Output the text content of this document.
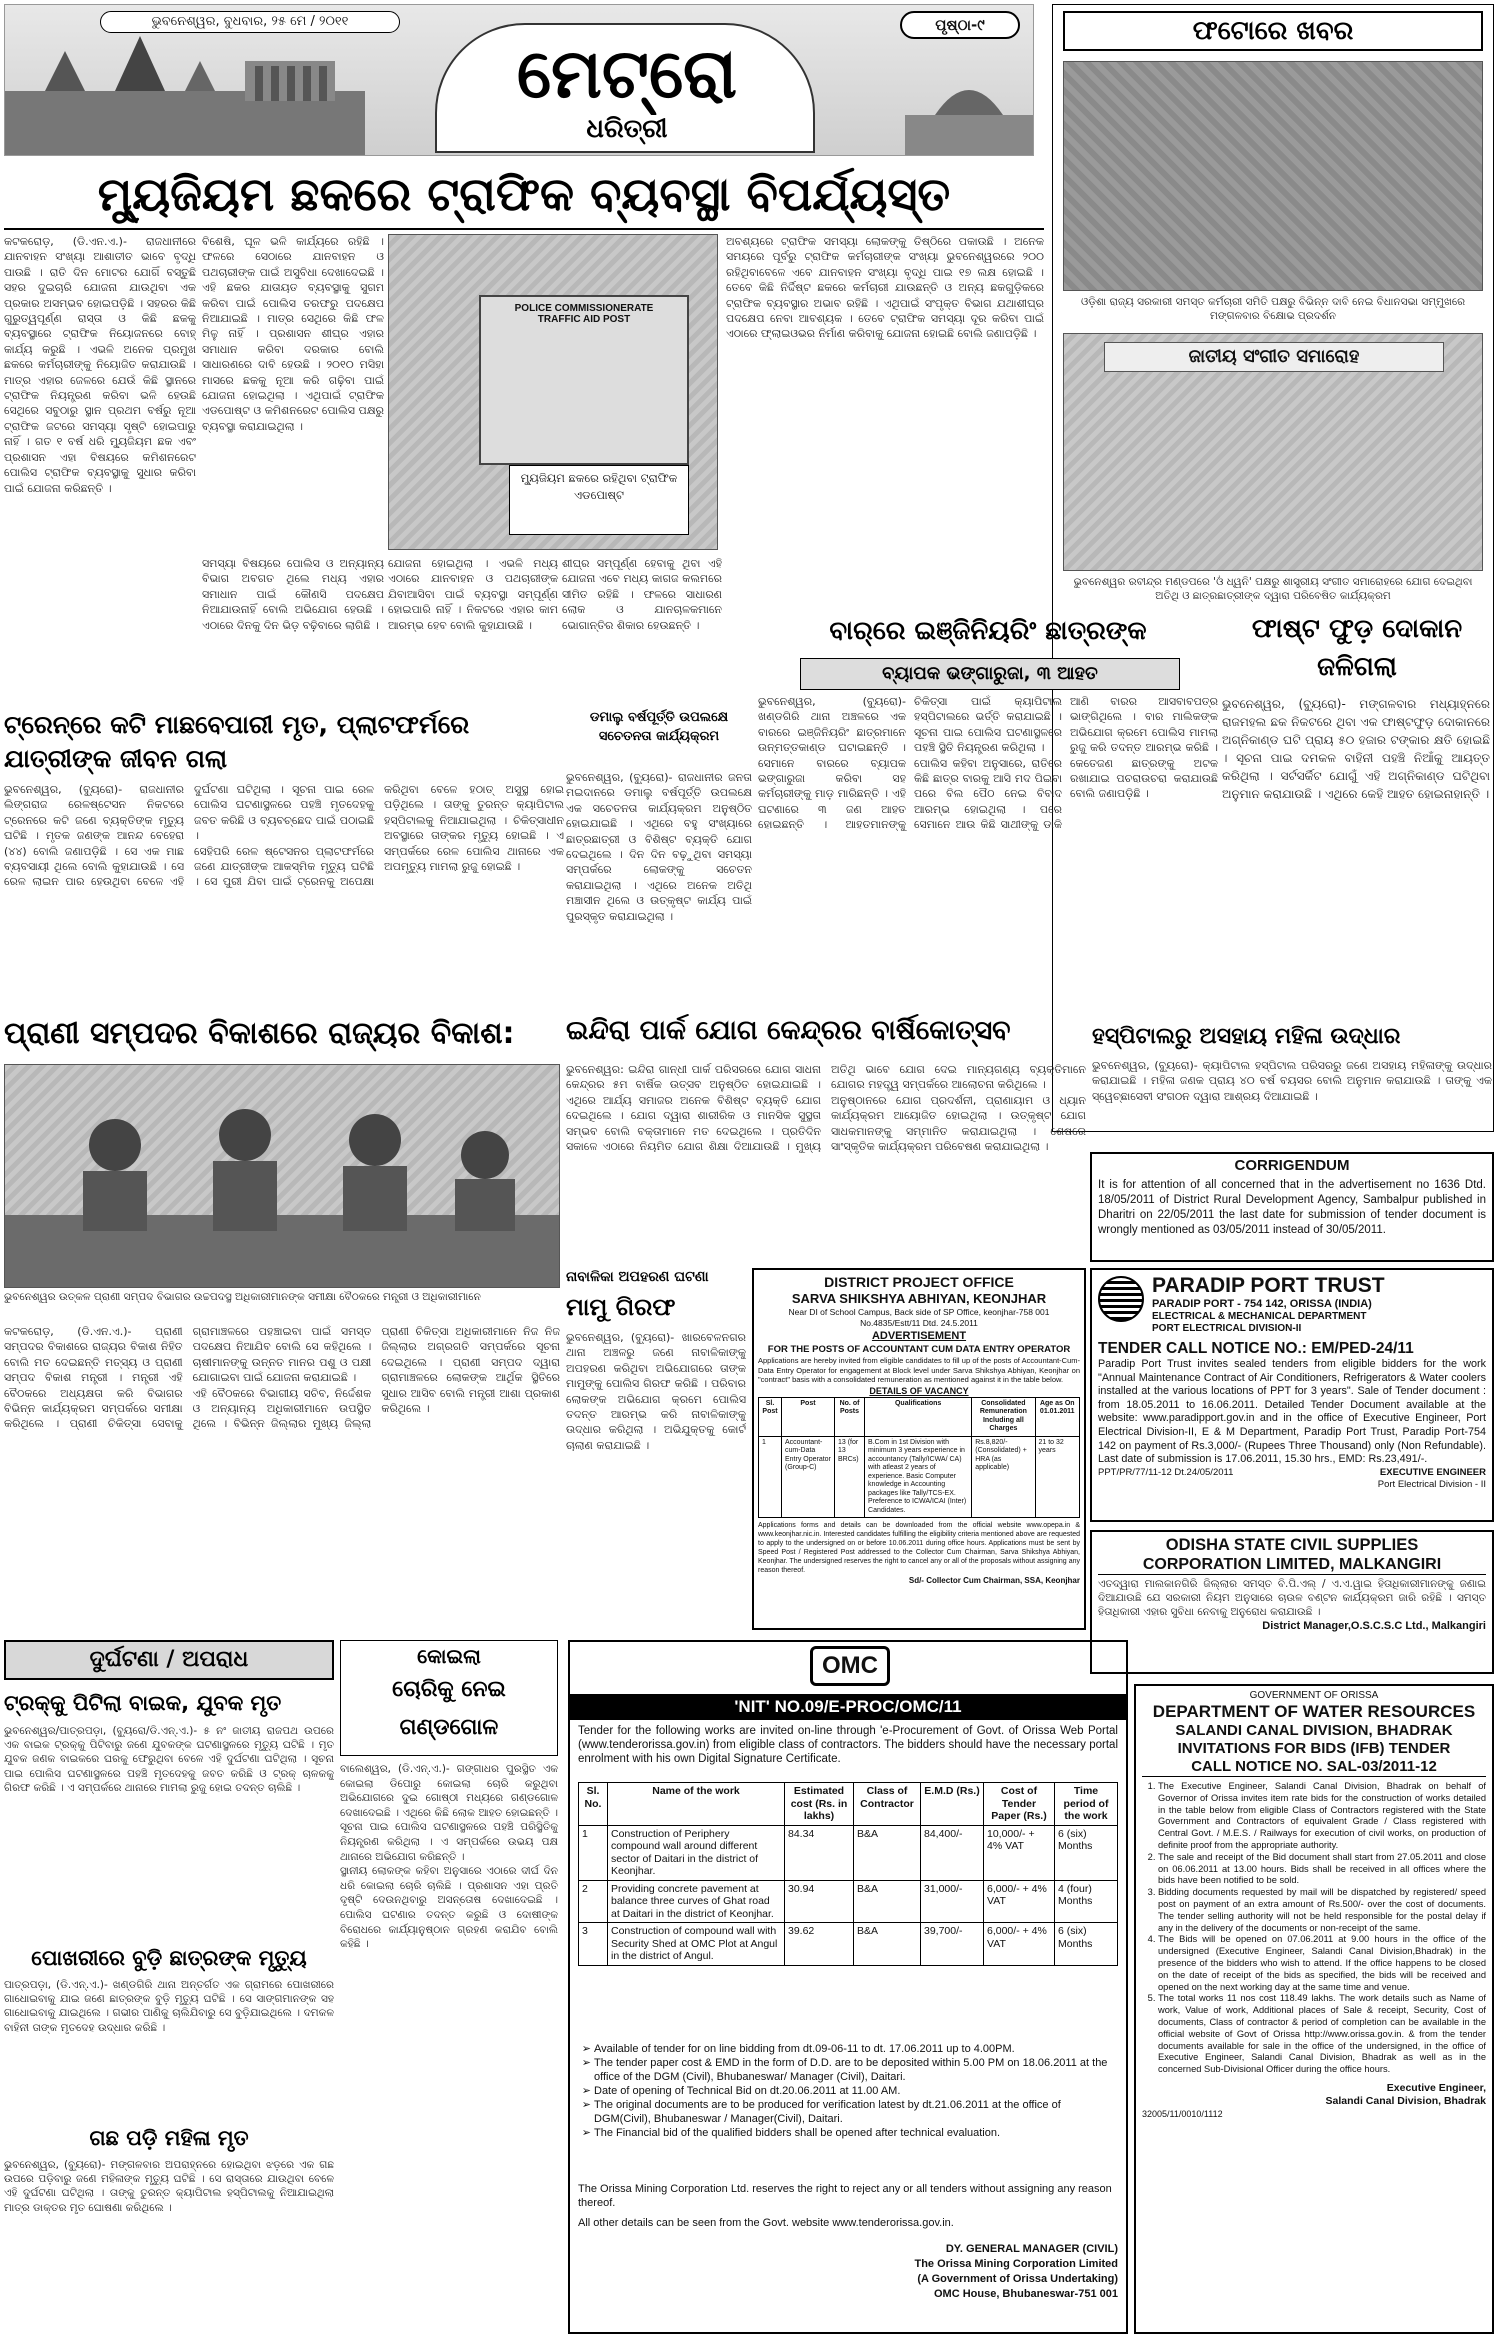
ଭୁବନେଶ୍ୱର, ବୁଧବାର, ୨୫ ମେ / ୨୦୧୧
ମେଟ୍ରୋ
ଧରିତ୍ରୀ
ପୃଷ୍ଠା-୯	ଫଟୋରେ ଖବର
ଓଡ଼ିଶା ରାଜ୍ୟ ସରକାରୀ ସମସ୍ତ କର୍ମଚାରୀ ସମିତି ପକ୍ଷରୁ ବିଭିନ୍ନ ଦାବି ନେଇ ବିଧାନସଭା ସମ୍ମୁଖରେ ମଙ୍ଗଳବାର ବିକ୍ଷୋଭ ପ୍ରଦର୍ଶନ
ଜାତୀୟ ସଂଗୀତ ସମାରୋହ
ଭୁବନେଶ୍ୱର ରବୀନ୍ଦ୍ର ମଣ୍ଡପରେ 'ଓଁ ଧ୍ୱନି' ପକ୍ଷରୁ ଶାସ୍ତ୍ରୀୟ ସଂଗୀତ ସମାରୋହରେ ଯୋଗ ଦେଇଥିବା ଅତିଥି ଓ ଛାତ୍ରଛାତ୍ରୀଙ୍କ ଦ୍ୱାରା ପରିବେଷିତ କାର୍ଯ୍ୟକ୍ରମ
ଫାଷ୍ଟ ଫୁଡ଼ ଦୋକାନ ଜଳିଗଲା
ଭୁବନେଶ୍ୱର, (ବ୍ୟୁରୋ)- ମଙ୍ଗଳବାର ମଧ୍ୟାହ୍ନରେ ରାଜମହଲ ଛକ ନିକଟରେ ଥିବା ଏକ ଫାଷ୍ଟଫୁଡ଼ ଦୋକାନରେ ଅଗ୍ନିକାଣ୍ଡ ଘଟି ପ୍ରାୟ ୫୦ ହଜାର ଟଙ୍କାର କ୍ଷତି ହୋଇଛି । ସୂଚନା ପାଇ ଦମକଳ ବାହିନୀ ପହଞ୍ଚି ନିଆଁକୁ ଆୟତ୍ତ କରିଥିଲା । ସର୍ଟସର୍କିଟ ଯୋଗୁଁ ଏହି ଅଗ୍ନିକାଣ୍ଡ ଘଟିଥିବା ଅନୁମାନ କରାଯାଉଛି । ଏଥିରେ କେହି ଆହତ ହୋଇନାହାନ୍ତି ।
ହସ୍ପିଟାଲରୁ ଅସହାୟ ମହିଳା ଉଦ୍ଧାର
ଭୁବନେଶ୍ୱର, (ବ୍ୟୁରୋ)- କ୍ୟାପିଟାଲ ହସ୍ପିଟାଲ ପରିସରରୁ ଜଣେ ଅସହାୟ ମହିଳାଙ୍କୁ ଉଦ୍ଧାର କରାଯାଇଛି । ମହିଳା ଜଣକ ପ୍ରାୟ ୪୦ ବର୍ଷ ବୟସର ବୋଲି ଅନୁମାନ କରାଯାଉଛି । ତାଙ୍କୁ ଏକ ସ୍ୱେଚ୍ଛାସେବୀ ସଂଗଠନ ଦ୍ୱାରା ଆଶ୍ରୟ ଦିଆଯାଇଛି ।
ମ୍ୟୁଜିୟମ ଛକରେ ଟ୍ରାଫିକ ବ୍ୟବସ୍ଥା ବିପର୍ଯ୍ୟସ୍ତ
କଟକରୋଡ଼, (ଡି.ଏନ.ଏ.)- ରାଜଧାନୀରେ ଯାନବାହନ ସଂଖ୍ୟା ଆଶାତୀତ ଭାବେ ବୃଦ୍ଧି ପାଉଛି । ରାତି ଦିନ ମୋଟର ଯୋଗିଁ ବସ୍ତୁଛି ସହର ଦୁଇଚାରି ଯୋଜନା ଯାଉଥିବା ଏକ ପ୍ରକାର ଅସମ୍ଭବ ହୋଇପଡ଼ିଛି । ସହରର କିଛି ଗୁରୁତ୍ୱପୂର୍ଣ୍ଣ ରାସ୍ତା ଓ କିଛି ଛକକୁ ବ୍ୟବସ୍ଥାରେ ଟ୍ରାଫିକ ନିୟୋଜନରେ ବୋହ୍ କାର୍ଯ୍ୟ କରୁଛି । ଏଭଳି ଅନେକ ପ୍ରମୁଖ ଛକରେ କର୍ମଚାରୀଙ୍କୁ ନିୟୋଜିତ କରାଯାଉଛି । ମାତ୍ର ଏହାର ଜେଳରେ ଯେଉଁ କିଛି ସ୍ଥାନରେ ଟ୍ରାଫିକ ନିୟନ୍ତ୍ରଣ କରିବା ଭଳି ହେଉଛି ସେଥିରେ ସବୁଠାରୁ ସ୍ଥାନ ପ୍ରଥମ ବର୍ଷରୁ ନୂଆ ଟ୍ରାଫିକ ଜଟରେ ସମସ୍ୟା ସୃଷ୍ଟି ହୋଇପାରୁ ନାହିଁ । ଗତ ୧ ବର୍ଷ ଧରି ମ୍ୟୁଜିୟମ ଛକ ଏବଂ ପ୍ରଶାସନ ଏହା ବିଷୟରେ କମିଶନରେଟ ପୋଲିସ ଟ୍ରାଫିକ ବ୍ୟବସ୍ଥାକୁ ସୁଧାର କରିବା ପାଇଁ ଯୋଜନା କରିଛନ୍ତି ।
ବିଶେଷି, ଘୂଳ ଭଳି କାର୍ଯ୍ୟରେ ରହିଛି । ଫଳରେ ସେଠାରେ ଯାନବାହନ ଓ ପଥଚାରୀଙ୍କ ପାଇଁ ଅସୁବିଧା ଦେଖାଦେଇଛି । ଏହି ଛକର ଯାତାୟତ ବ୍ୟବସ୍ଥାକୁ ସୁଗମ କରିବା ପାଇଁ ପୋଲିସ ତରଫରୁ ପଦକ୍ଷେପ ନିଆଯାଇଛି । ମାତ୍ର ସେଥିରେ କିଛି ଫଳ ମିଳୁ ନାହିଁ । ପ୍ରଶାସନ ଶୀଘ୍ର ଏହାର ସମାଧାନ କରିବା ଦରକାର ବୋଲି ସାଧାରଣରେ ଦାବି ହେଉଛି । ୨୦୧୦ ମସିହା ମାସରେ ଛକକୁ ନୂଆ କରି ଗଢ଼ିବା ପାଇଁ ଯୋଜନା ହୋଇଥିଲା । ଏଥିପାଇଁ ଟ୍ରାଫିକ ଏଡପୋଷ୍ଟ ଓ କମିଶନରେଟ ପୋଲିସ ପକ୍ଷରୁ ବ୍ୟବସ୍ଥା କରାଯାଇଥିଲା ।
POLICE COMMISSIONERATE
TRAFFIC AID POST
ମ୍ୟୁଜିୟମ ଛକରେ ରହିଥିବା ଟ୍ରାଫିକ ଏଡପୋଷ୍ଟ
ଅବଶ୍ୟରେ ଟ୍ରାଫିକ ସମସ୍ୟା ଲୋକଙ୍କୁ ତିଷ୍ଠିରେ ପକାଉଛି । ଅନେକ ସମୟରେ ପୂର୍ବରୁ ଟ୍ରାଫିକ କର୍ମଚାରୀଙ୍କ ସଂଖ୍ୟା ଭୁବନେଶ୍ୱରରେ ୨୦୦ ରହିଥିବାବେଳେ ଏବେ ଯାନବାହନ ସଂଖ୍ୟା ବୃଦ୍ଧି ପାଇ ୧୭ ଲକ୍ଷ ହୋଇଛି । ତେବେ କିଛି ନିର୍ଦ୍ଦିଷ୍ଟ ଛକରେ କର୍ମଚାରୀ ଯାଉଛନ୍ତି ଓ ଅନ୍ୟ ଛକଗୁଡ଼ିକରେ ଟ୍ରାଫିକ ବ୍ୟବସ୍ଥାର ଅଭାବ ରହିଛି । ଏଥିପାଇଁ ସଂପୃକ୍ତ ବିଭାଗ ଯଥାଶୀଘ୍ର ପଦକ୍ଷେପ ନେବା ଆବଶ୍ୟକ । ତେବେ ଟ୍ରାଫିକ ସମସ୍ୟା ଦୂର କରିବା ପାଇଁ ଏଠାରେ ଫ୍ଲାଇଓଭର ନିର୍ମାଣ କରିବାକୁ ଯୋଜନା ହୋଇଛି ବୋଲି ଜଣାପଡ଼ିଛି ।
ସମସ୍ୟା ବିଷୟରେ ପୋଲିସ ଓ ଅନ୍ୟାନ୍ୟ ବିଭାଗ ଅବଗତ ଥିଲେ ମଧ୍ୟ ଏହାର ସମାଧାନ ପାଇଁ କୌଣସି ପଦକ୍ଷେପ ନିଆଯାଉନାହିଁ ବୋଲି ଅଭିଯୋଗ ହେଉଛି । ଏଠାରେ ଦିନକୁ ଦିନ ଭିଡ଼ ବଢ଼ିବାରେ ଲାଗିଛି ।
ଯୋଜନା ହୋଇଥିଲା । ଏଭଳି ମଧ୍ୟ ଏଠାରେ ଯାନବାହନ ଓ ପଥଚାରୀଙ୍କ ଯିବାଆସିବା ପାଇଁ ବ୍ୟବସ୍ଥା ସମ୍ପୂର୍ଣ୍ଣ ହୋଇପାରି ନାହିଁ । ନିକଟରେ ଏହାର କାମ ଆରମ୍ଭ ହେବ ବୋଲି କୁହାଯାଉଛି ।
ଶୀଘ୍ର ସମ୍ପୂର୍ଣ୍ଣ ହେବାକୁ ଥିବା ଏହି ଯୋଜନା ଏବେ ମଧ୍ୟ କାଗଜ କଲମରେ ସୀମିତ ରହିଛି । ଫଳରେ ସାଧାରଣ ଲୋକ ଓ ଯାନଚାଳକମାନେ ଭୋଗାନ୍ତିର ଶିକାର ହେଉଛନ୍ତି ।
ଟ୍ରେନ୍‌ରେ କଟି ମାଛବେପାରୀ ମୃତ, ପ୍ଲାଟଫର୍ମରେ ଯାତ୍ରୀଙ୍କ ଜୀବନ ଗଲା
ଭୁବନେଶ୍ୱର, (ବ୍ୟୁରୋ)- ରାଜଧାନୀର ଲିଙ୍ଗରାଜ ରେଳଷ୍ଟେସନ ନିକଟରେ ଟ୍ରେନରେ କଟି ଜଣେ ବ୍ୟକ୍ତିଙ୍କ ମୃତ୍ୟୁ ଘଟିଛି । ମୃତକ ଜଣଙ୍କ ଆନନ୍ଦ ବେହେରା (୪୪) ବୋଲି ଜଣାପଡ଼ିଛି । ସେ ଏକ ମାଛ ବ୍ୟବସାୟୀ ଥିଲେ ବୋଲି କୁହାଯାଉଛି । ସେ ରେଳ ଲାଇନ ପାର ହେଉଥିବା ବେଳେ ଏହି ଦୁର୍ଘଟଣା ଘଟିଥିଲା । ସୂଚନା ପାଇ ରେଳ ପୋଲିସ ଘଟଣାସ୍ଥଳରେ ପହଞ୍ଚି ମୃତଦେହକୁ ଜବତ କରିଛି ଓ ବ୍ୟବଚ୍ଛେଦ ପାଇଁ ପଠାଇଛି ।
ସେହିପରି ରେଳ ଷ୍ଟେସନର ପ୍ଲାଟଫର୍ମରେ ଜଣେ ଯାତ୍ରୀଙ୍କ ଆକସ୍ମିକ ମୃତ୍ୟୁ ଘଟିଛି । ସେ ପୁରୀ ଯିବା ପାଇଁ ଟ୍ରେନକୁ ଅପେକ୍ଷା କରିଥିବା ବେଳେ ହଠାତ୍ ଅସୁସ୍ଥ ହୋଇ ପଡ଼ିଥିଲେ । ତାଙ୍କୁ ତୁରନ୍ତ କ୍ୟାପିଟାଲ ହସ୍ପିଟାଲକୁ ନିଆଯାଇଥିଲା । ଚିକିତ୍ସାଧୀନ ଅବସ୍ଥାରେ ତାଙ୍କର ମୃତ୍ୟୁ ହୋଇଛି । ଏ ସମ୍ପର୍କରେ ରେଳ ପୋଲିସ ଥାନାରେ ଏକ ଅପମୃତ୍ୟୁ ମାମଲା ରୁଜୁ ହୋଇଛି ।
ଡମାଲୁ ବର୍ଷପୂର୍ତ୍ତି ଉପଲକ୍ଷେ ସଚେତନତା କାର୍ଯ୍ୟକ୍ରମ
ଭୁବନେଶ୍ୱର, (ବ୍ୟୁରୋ)- ରାଜଧାନୀର ଜନତା ମଇଦାନରେ ଡମାଲୁ ବର୍ଷପୂର୍ତ୍ତି ଉପଲକ୍ଷେ ଏକ ସଚେତନତା କାର୍ଯ୍ୟକ୍ରମ ଅନୁଷ୍ଠିତ ହୋଇଯାଇଛି । ଏଥିରେ ବହୁ ସଂଖ୍ୟାରେ ଛାତ୍ରଛାତ୍ରୀ ଓ ବିଶିଷ୍ଟ ବ୍ୟକ୍ତି ଯୋଗ ଦେଇଥିଲେ । ଦିନ ଦିନ ବଢ଼ୁଥିବା ସମସ୍ୟା ସମ୍ପର୍କରେ ଲୋକଙ୍କୁ ସଚେତନ କରାଯାଇଥିଲା । ଏଥିରେ ଅନେକ ଅତିଥି ମଞ୍ଚାସୀନ ଥିଲେ ଓ ଉତ୍କୃଷ୍ଟ କାର୍ଯ୍ୟ ପାଇଁ ପୁରସ୍କୃତ କରାଯାଇଥିଲା ।
ବାର୍‌ରେ ଇଞ୍ଜିନିୟରିଂ ଛାତ୍ରଙ୍କ
ବ୍ୟାପକ ଭଙ୍ଗାରୁଜା, ୩ ଆହତ
ଭୁବନେଶ୍ୱର, (ବ୍ୟୁରୋ)- ଖଣ୍ଡଗିରି ଥାନା ଅଞ୍ଚଳରେ ଏକ ବାରରେ ଇଞ୍ଜିନିୟରିଂ ଛାତ୍ରମାନେ ଉନ୍ମତ୍ତକାଣ୍ଡ ଘଟାଇଛନ୍ତି । ସେମାନେ ବାରରେ ବ୍ୟାପକ ଭଙ୍ଗାରୁଜା କରିବା ସହ କର୍ମଚାରୀଙ୍କୁ ମାଡ଼ ମାରିଛନ୍ତି । ଏହି ଘଟଣାରେ ୩ ଜଣ ଆହତ ହୋଇଛନ୍ତି । ଆହତମାନଙ୍କୁ ଚିକିତ୍ସା ପାଇଁ କ୍ୟାପିଟାଲ ହସ୍ପିଟାଲରେ ଭର୍ତ୍ତି କରାଯାଇଛି । ସୂଚନା ପାଇ ପୋଲିସ ଘଟଣାସ୍ଥଳରେ ପହଞ୍ଚି ସ୍ଥିତି ନିୟନ୍ତ୍ରଣ କରିଥିଲା ।
ପୋଲିସ କହିବା ଅନୁସାରେ, ରାତିରେ କିଛି ଛାତ୍ର ବାରକୁ ଆସି ମଦ ପିଇବା ପରେ ବିଲ ପୈଠ ନେଇ ବିବାଦ ଆରମ୍ଭ ହୋଇଥିଲା । ପରେ ସେମାନେ ଆଉ କିଛି ସାଥୀଙ୍କୁ ଡାକି ଆଣି ବାରର ଆସବାବପତ୍ର ଭାଙ୍ଗିଥିଲେ । ବାର ମାଲିକଙ୍କ ଅଭିଯୋଗ କ୍ରମେ ପୋଲିସ ମାମଲା ରୁଜୁ କରି ତଦନ୍ତ ଆରମ୍ଭ କରିଛି । କେତେଜଣ ଛାତ୍ରଙ୍କୁ ଅଟକ ରଖାଯାଇ ପଚରାଉଚରା କରାଯାଉଛି ବୋଲି ଜଣାପଡ଼ିଛି ।
ଇନ୍ଦିରା ପାର୍କ ଯୋଗ କେନ୍ଦ୍ରର ବାର୍ଷିକୋତ୍ସବ
ଭୁବନେଶ୍ୱର: ଇନ୍ଦିରା ଗାନ୍ଧୀ ପାର୍କ ପରିସରରେ ଯୋଗ ସାଧନା କେନ୍ଦ୍ରର ୫ମ ବାର୍ଷିକ ଉତ୍ସବ ଅନୁଷ୍ଠିତ ହୋଇଯାଇଛି । ଏଥିରେ ଆର୍ଯ୍ୟ ସମାଜର ଅନେକ ବିଶିଷ୍ଟ ବ୍ୟକ୍ତି ଯୋଗ ଦେଇଥିଲେ । ଯୋଗ ଦ୍ୱାରା ଶାରୀରିକ ଓ ମାନସିକ ସୁସ୍ଥତା ସମ୍ଭବ ବୋଲି ବକ୍ତାମାନେ ମତ ଦେଇଥିଲେ । ପ୍ରତିଦିନ ସକାଳେ ଏଠାରେ ନିୟମିତ ଯୋଗ ଶିକ୍ଷା ଦିଆଯାଉଛି । ମୁଖ୍ୟ ଅତିଥି ଭାବେ ଯୋଗ ଦେଇ ମାନ୍ୟଗଣ୍ୟ ବ୍ୟକ୍ତିମାନେ ଯୋଗର ମହତ୍ତ୍ୱ ସମ୍ପର୍କରେ ଆଲୋଚନା କରିଥିଲେ ।
ଅନୁଷ୍ଠାନରେ ଯୋଗ ପ୍ରଦର୍ଶନୀ, ପ୍ରାଣାୟାମ ଓ ଧ୍ୟାନ କାର୍ଯ୍ୟକ୍ରମ ଆୟୋଜିତ ହୋଇଥିଲା । ଉତ୍କୃଷ୍ଟ ଯୋଗ ସାଧକମାନଙ୍କୁ ସମ୍ମାନିତ କରାଯାଇଥିଲା । ଶେଷରେ ସାଂସ୍କୃତିକ କାର୍ଯ୍ୟକ୍ରମ ପରିବେଷଣ କରାଯାଇଥିଲା ।
ପ୍ରାଣୀ ସମ୍ପଦର ବିକାଶରେ ରାଜ୍ୟର ବିକାଶ:
ଭୁବନେଶ୍ୱର ଉତ୍କଳ ପ୍ରାଣୀ ସମ୍ପଦ ବିଭାଗର ଉଚ୍ଚପଦସ୍ଥ ଅଧିକାରୀମାନଙ୍କ ସମୀକ୍ଷା ବୈଠକରେ ମନ୍ତ୍ରୀ ଓ ଅଧିକାରୀମାନେ
କଟକରୋଡ଼, (ଡି.ଏନ.ଏ.)- ପ୍ରାଣୀ ସମ୍ପଦର ବିକାଶରେ ରାଜ୍ୟର ବିକାଶ ନିହିତ ବୋଲି ମତ ଦେଇଛନ୍ତି ମତ୍ସ୍ୟ ଓ ପ୍ରାଣୀ ସମ୍ପଦ ବିକାଶ ମନ୍ତ୍ରୀ । ମନ୍ତ୍ରୀ ଏହି ବୈଠକରେ ଅଧ୍ୟକ୍ଷତା କରି ବିଭାଗର ବିଭିନ୍ନ କାର୍ଯ୍ୟକ୍ରମ ସମ୍ପର୍କରେ ସମୀକ୍ଷା କରିଥିଲେ । ପ୍ରାଣୀ ଚିକିତ୍ସା ସେବାକୁ ଗ୍ରାମାଞ୍ଚଳରେ ପହଞ୍ଚାଇବା ପାଇଁ ସମସ୍ତ ପଦକ୍ଷେପ ନିଆଯିବ ବୋଲି ସେ କହିଥିଲେ । ଚାଷୀମାନଙ୍କୁ ଉନ୍ନତ ମାନର ପଶୁ ଓ ପକ୍ଷୀ ଯୋଗାଇବା ପାଇଁ ଯୋଜନା କରାଯାଇଛି ।
ଏହି ବୈଠକରେ ବିଭାଗୀୟ ସଚିବ, ନିର୍ଦ୍ଦେଶକ ଓ ଅନ୍ୟାନ୍ୟ ଅଧିକାରୀମାନେ ଉପସ୍ଥିତ ଥିଲେ । ବିଭିନ୍ନ ଜିଲ୍ଲାର ମୁଖ୍ୟ ଜିଲ୍ଲା ପ୍ରାଣୀ ଚିକିତ୍ସା ଅଧିକାରୀମାନେ ନିଜ ନିଜ ଜିଲ୍ଲାର ଅଗ୍ରଗତି ସମ୍ପର୍କରେ ସୂଚନା ଦେଇଥିଲେ । ପ୍ରାଣୀ ସମ୍ପଦ ଦ୍ୱାରା ଗ୍ରାମାଞ୍ଚଳରେ ଲୋକଙ୍କ ଆର୍ଥିକ ସ୍ଥିତିରେ ସୁଧାର ଆସିବ ବୋଲି ମନ୍ତ୍ରୀ ଆଶା ପ୍ରକାଶ କରିଥିଲେ ।
ନାବାଳିକା ଅପହରଣ ଘଟଣା
ମାମୁ ଗିରଫ
ଭୁବନେଶ୍ୱର, (ବ୍ୟୁରୋ)- ଖାରବେଳନଗର ଥାନା ଅଞ୍ଚଳରୁ ଜଣେ ନାବାଳିକାଙ୍କୁ ଅପହରଣ କରିଥିବା ଅଭିଯୋଗରେ ତାଙ୍କ ମାମୁଙ୍କୁ ପୋଲିସ ଗିରଫ କରିଛି । ପରିବାର ଲୋକଙ୍କ ଅଭିଯୋଗ କ୍ରମେ ପୋଲିସ ତଦନ୍ତ ଆରମ୍ଭ କରି ନାବାଳିକାଙ୍କୁ ଉଦ୍ଧାର କରିଥିଲା । ଅଭିଯୁକ୍ତକୁ କୋର୍ଟ ଚାଲାଣ କରାଯାଇଛି ।
CORRIGENDUM
It is for attention of all concerned that in the advertisement no 1636 Dtd. 18/05/2011 of District Rural Development Agency, Sambalpur published in Dharitri on 22/05/2011 the last date for submission of tender document is wrongly mentioned as 03/05/2011 instead of 30/05/2011.
DISTRICT PROJECT OFFICE
SARVA SHIKSHYA ABHIYAN, KEONJHAR
Near DI of School Campus, Back side of SP Office, keonjhar-758 001
No.4835/Estt/11 Dtd. 24.5.2011
ADVERTISEMENT
FOR THE POSTS OF ACCOUNTANT CUM DATA ENTRY OPERATOR
Applications are hereby invited from eligible candidates to fill up of the posts of Accountant-Cum-Data Entry Operator for engagement at Block level under Sarva Shikshya Abhiyan, Keonjhar on "contract" basis with a consolidated remuneration as mentioned against it in the table below.
DETAILS OF VACANCY
Sl. Post	Post	No. of Posts	Qualifications	Consolidated Remuneration Including all Charges	Age as On 01.01.2011
1	Accountant-cum-Data Entry Operator (Group-C)	13 (for 13 BRCs)	B.Com in 1st Division with minimum 3 years experience in accountancy (Tally/ICWA/ CA) with atleast 2 years of experience. Basic Computer knowledge in Accounting packages like Tally/TCS-EX. Preference to ICWA/ICAI (Inter) Candidates.	Rs.8,820/- (Consolidated) + HRA (as applicable)	21 to 32 years
Applications forms and details can be downloaded from the official website www.opepa.in & www.keonjhar.nic.in. Interested candidates fulfilling the eligibility criteria mentioned above are requested to apply to the undersigned on or before 10.06.2011 during office hours. Applications must be sent by Speed Post / Registered Post addressed to the Collector Cum Chairman, Sarva Shikshya Abhiyan, Keonjhar. The undersigned reserves the right to cancel any or all of the proposals without assigning any reason thereof.
Sd/- Collector Cum Chairman, SSA, Keonjhar
PARADIP PORT TRUST
PARADIP PORT - 754 142, ORISSA (INDIA)
ELECTRICAL & MECHANICAL DEPARTMENT
PORT ELECTRICAL DIVISION-II
TENDER CALL NOTICE NO.: EM/PED-24/11
Paradip Port Trust invites sealed tenders from eligible bidders for the work "Annual Maintenance Contract of Air Conditioners, Refrigerators & Water coolers installed at the various locations of PPT for 3 years". Sale of Tender document : from 18.05.2011 to 16.06.2011. Detailed Tender Document available at the website: www.paradipport.gov.in and in the office of Executive Engineer, Port Electrical Division-II, E & M Department, Paradip Port Trust, Paradip Port-754 142 on payment of Rs.3,000/- (Rupees Three Thousand) only (Non Refundable). Last date of submission is 17.06.2011, 15.30 hrs., EMD: Rs.23,491/-.
PPT/PR/77/11-12 Dt.24/05/2011	EXECUTIVE ENGINEER
Port Electrical Division - II
ODISHA STATE CIVIL SUPPLIES
CORPORATION LIMITED, MALKANGIRI
ଏତଦ୍ୱାରା ମାଲକାନଗିରି ଜିଲ୍ଲାର ସମସ୍ତ ବି.ପି.ଏଲ୍ / ଏ.ଏ.ୱାଇ ହିତାଧିକାରୀମାନଙ୍କୁ ଜଣାଇ ଦିଆଯାଉଛି ଯେ ସରକାରୀ ନିୟମ ଅନୁସାରେ ଚାଉଳ ବଣ୍ଟନ କାର୍ଯ୍ୟକ୍ରମ ଜାରି ରହିଛି । ସମସ୍ତ ହିତାଧିକାରୀ ଏହାର ସୁବିଧା ନେବାକୁ ଅନୁରୋଧ କରାଯାଉଛି ।
District Manager,O.S.C.S.C Ltd., Malkangiri
GOVERNMENT OF ORISSA
DEPARTMENT OF WATER RESOURCES
SALANDI CANAL DIVISION, BHADRAK
INVITATIONS FOR BIDS (IFB) TENDER
CALL NOTICE NO. SAL-03/2011-12
1. The Executive Engineer, Salandi Canal Division, Bhadrak on behalf of Governor of Orissa invites item rate bids for the construction of works detailed in the table below from eligible Class of Contractors registered with the State Government and Contractors of equivalent Grade / Class registered with Central Govt. / M.E.S. / Railways for execution of civil works, on production of definite proof from the appropriate authority.
2. The sale and receipt of the Bid document shall start from 27.05.2011 and close on 06.06.2011 at 13.00 hours. Bids shall be received in all offices where the bids have been notified to be sold.
3. Bidding documents requested by mail will be dispatched by registered/ speed post on payment of an extra amount of Rs.500/- over the cost of documents. The tender selling authority will not be held responsible for the postal delay if any in the delivery of the documents or non-receipt of the same.
4. The Bids will be opened on 07.06.2011 at 9.00 hours in the office of the undersigned (Executive Engineer, Salandi Canal Division,Bhadrak) in the presence of the bidders who wish to attend. If the office happens to be closed on the date of receipt of the bids as specified, the bids will be received and opened on the next working day at the same time and venue.
5. The total works 11 nos cost 118.49 lakhs. The work details such as Name of work, Value of work, Additional places of Sale & receipt, Security, Cost of documents, Class of contractor & period of completion can be available in the official website of Govt of Orissa http://www.orissa.gov.in. & from the tender documents available for sale in the office of the undersigned, in the office of Executive Engineer, Salandi Canal Division, Bhadrak as well as in the concerned Sub-Divisional Officer during the office hours.
Executive Engineer,
Salandi Canal Division, Bhadrak
32005/11/0010/1112
ଦୁର୍ଘଟଣା / ଅପରାଧ
ଟ୍ରକ୍‌କୁ ପିଟିଲା ବାଇକ, ଯୁବକ ମୃତ
ଭୁବନେଶ୍ୱର/ପାତ୍ରପଡ଼ା, (ବ୍ୟୁରୋ/ଡି.ଏନ୍.ଏ.)- ୫ ନଂ ଜାତୀୟ ରାଜପଥ ଉପରେ ଏକ ବାଇକ ଟ୍ରକ୍‌କୁ ପିଟିବାରୁ ଜଣେ ଯୁବକଙ୍କ ଘଟଣାସ୍ଥଳରେ ମୃତ୍ୟୁ ଘଟିଛି । ମୃତ ଯୁବକ ଜଣକ ବାଇକରେ ଘରକୁ ଫେରୁଥିବା ବେଳେ ଏହି ଦୁର୍ଘଟଣା ଘଟିଥିଲା । ସୂଚନା ପାଇ ପୋଲିସ ଘଟଣାସ୍ଥଳରେ ପହଞ୍ଚି ମୃତଦେହକୁ ଜବତ କରିଛି ଓ ଟ୍ରକ୍ ଚାଳକକୁ ଗିରଫ କରିଛି । ଏ ସମ୍ପର୍କରେ ଥାନାରେ ମାମଲା ରୁଜୁ ହୋଇ ତଦନ୍ତ ଚାଲିଛି ।
ପୋଖରୀରେ ବୁଡ଼ି ଛାତ୍ରଙ୍କ ମୃତ୍ୟୁ
ପାତ୍ରପଡ଼ା, (ଡି.ଏନ୍.ଏ.)- ଖଣ୍ଡଗିରି ଥାନା ଅନ୍ତର୍ଗତ ଏକ ଗ୍ରାମରେ ପୋଖରୀରେ ଗାଧୋଇବାକୁ ଯାଇ ଜଣେ ଛାତ୍ରଙ୍କ ବୁଡ଼ି ମୃତ୍ୟୁ ଘଟିଛି । ସେ ସାଙ୍ଗମାନଙ୍କ ସହ ଗାଧୋଇବାକୁ ଯାଇଥିଲେ । ଗଭୀର ପାଣିକୁ ଚାଲିଯିବାରୁ ସେ ବୁଡ଼ିଯାଇଥିଲେ । ଦମକଳ ବାହିନୀ ତାଙ୍କ ମୃତଦେହ ଉଦ୍ଧାର କରିଛି ।
ଗଛ ପଡ଼ି ମହିଳା ମୃତ
ଭୁବନେଶ୍ୱର, (ବ୍ୟୁରୋ)- ମଙ୍ଗଳବାର ଅପରାହ୍ନରେ ହୋଇଥିବା ଝଡ଼ରେ ଏକ ଗଛ ଉପରେ ପଡ଼ିବାରୁ ଜଣେ ମହିଳାଙ୍କ ମୃତ୍ୟୁ ଘଟିଛି । ସେ ରାସ୍ତାରେ ଯାଉଥିବା ବେଳେ ଏହି ଦୁର୍ଘଟଣା ଘଟିଥିଲା । ତାଙ୍କୁ ତୁରନ୍ତ କ୍ୟାପିଟାଲ ହସ୍ପିଟାଲକୁ ନିଆଯାଇଥିଲା ମାତ୍ର ଡାକ୍ତର ମୃତ ଘୋଷଣା କରିଥିଲେ ।
କୋଇଲା
ଚୋରିକୁ ନେଇ
ଗଣ୍ଡଗୋଳ
ବାଲେଶ୍ୱର, (ଡି.ଏନ୍.ଏ.)- ଗଙ୍ଗାଧର ପୁରସ୍ଥିତ ଏକ କୋଇଲା ଡିପୋରୁ କୋଇଲା ଚୋରି କରୁଥିବା ଅଭିଯୋଗରେ ଦୁଇ ଗୋଷ୍ଠୀ ମଧ୍ୟରେ ଗଣ୍ଡଗୋଳ ଦେଖାଦେଇଛି । ଏଥିରେ କିଛି ଲୋକ ଆହତ ହୋଇଛନ୍ତି । ସୂଚନା ପାଇ ପୋଲିସ ଘଟଣାସ୍ଥଳରେ ପହଞ୍ଚି ପରିସ୍ଥିତିକୁ ନିୟନ୍ତ୍ରଣ କରିଥିଲା । ଏ ସମ୍ପର୍କରେ ଉଭୟ ପକ୍ଷ ଥାନାରେ ଅଭିଯୋଗ କରିଛନ୍ତି ।
ସ୍ଥାନୀୟ ଲୋକଙ୍କ କହିବା ଅନୁସାରେ ଏଠାରେ ଦୀର୍ଘ ଦିନ ଧରି କୋଇଲା ଚୋରି ଚାଲିଛି । ପ୍ରଶାସନ ଏହା ପ୍ରତି ଦୃଷ୍ଟି ଦେଉନଥିବାରୁ ଅସନ୍ତୋଷ ଦେଖାଦେଇଛି । ପୋଲିସ ଘଟଣାର ତଦନ୍ତ କରୁଛି ଓ ଦୋଷୀଙ୍କ ବିରୋଧରେ କାର୍ଯ୍ୟାନୁଷ୍ଠାନ ଗ୍ରହଣ କରାଯିବ ବୋଲି କହିଛି ।
OMC
'NIT' NO.09/E-PROC/OMC/11
Tender for the following works are invited on-line through 'e-Procurement of Govt. of Orissa Web Portal (www.tenderorissa.gov.in) from eligible class of contractors. The bidders should have the necessary portal enrolment with his own Digital Signature Certificate.
Sl. No.	Name of the work	Estimated cost (Rs. in lakhs)	Class of Contractor	E.M.D (Rs.)	Cost of Tender Paper (Rs.)	Time period of the work
1	Construction of Periphery compound wall around different sector of Daitari in the district of Keonjhar.	84.34	B&A	84,400/-	10,000/- + 4% VAT	6 (six) Months
2	Providing concrete pavement at balance three curves of Ghat road at Daitari in the district of Keonjhar.	30.94	B&A	31,000/-	6,000/- + 4% VAT	4 (four) Months
3	Construction of compound wall with Security Shed at OMC Plot at Angul in the district of Angul.	39.62	B&A	39,700/-	6,000/- + 4% VAT	6 (six) Months
➢ Available of tender for on line bidding from dt.09-06-11 to dt. 17.06.2011 up to 4.00PM.
➢ The tender paper cost & EMD in the form of D.D. are to be deposited within 5.00 PM on 18.06.2011 at the office of the DGM (Civil), Bhubaneswar/ Manager (Civil), Daitari.
➢ Date of opening of Technical Bid on dt.20.06.2011 at 11.00 AM.
➢ The original documents are to be produced for verification latest by dt.21.06.2011 at the office of DGM(Civil), Bhubaneswar / Manager(Civil), Daitari.
➢ The Financial bid of the qualified bidders shall be opened after technical evaluation.
The Orissa Mining Corporation Ltd. reserves the right to reject any or all tenders without assigning any reason thereof.
All other details can be seen from the Govt. website www.tenderorissa.gov.in.
DY. GENERAL MANAGER (CIVIL)
The Orissa Mining Corporation Limited
(A Government of Orissa Undertaking)
OMC House, Bhubaneswar-751 001
